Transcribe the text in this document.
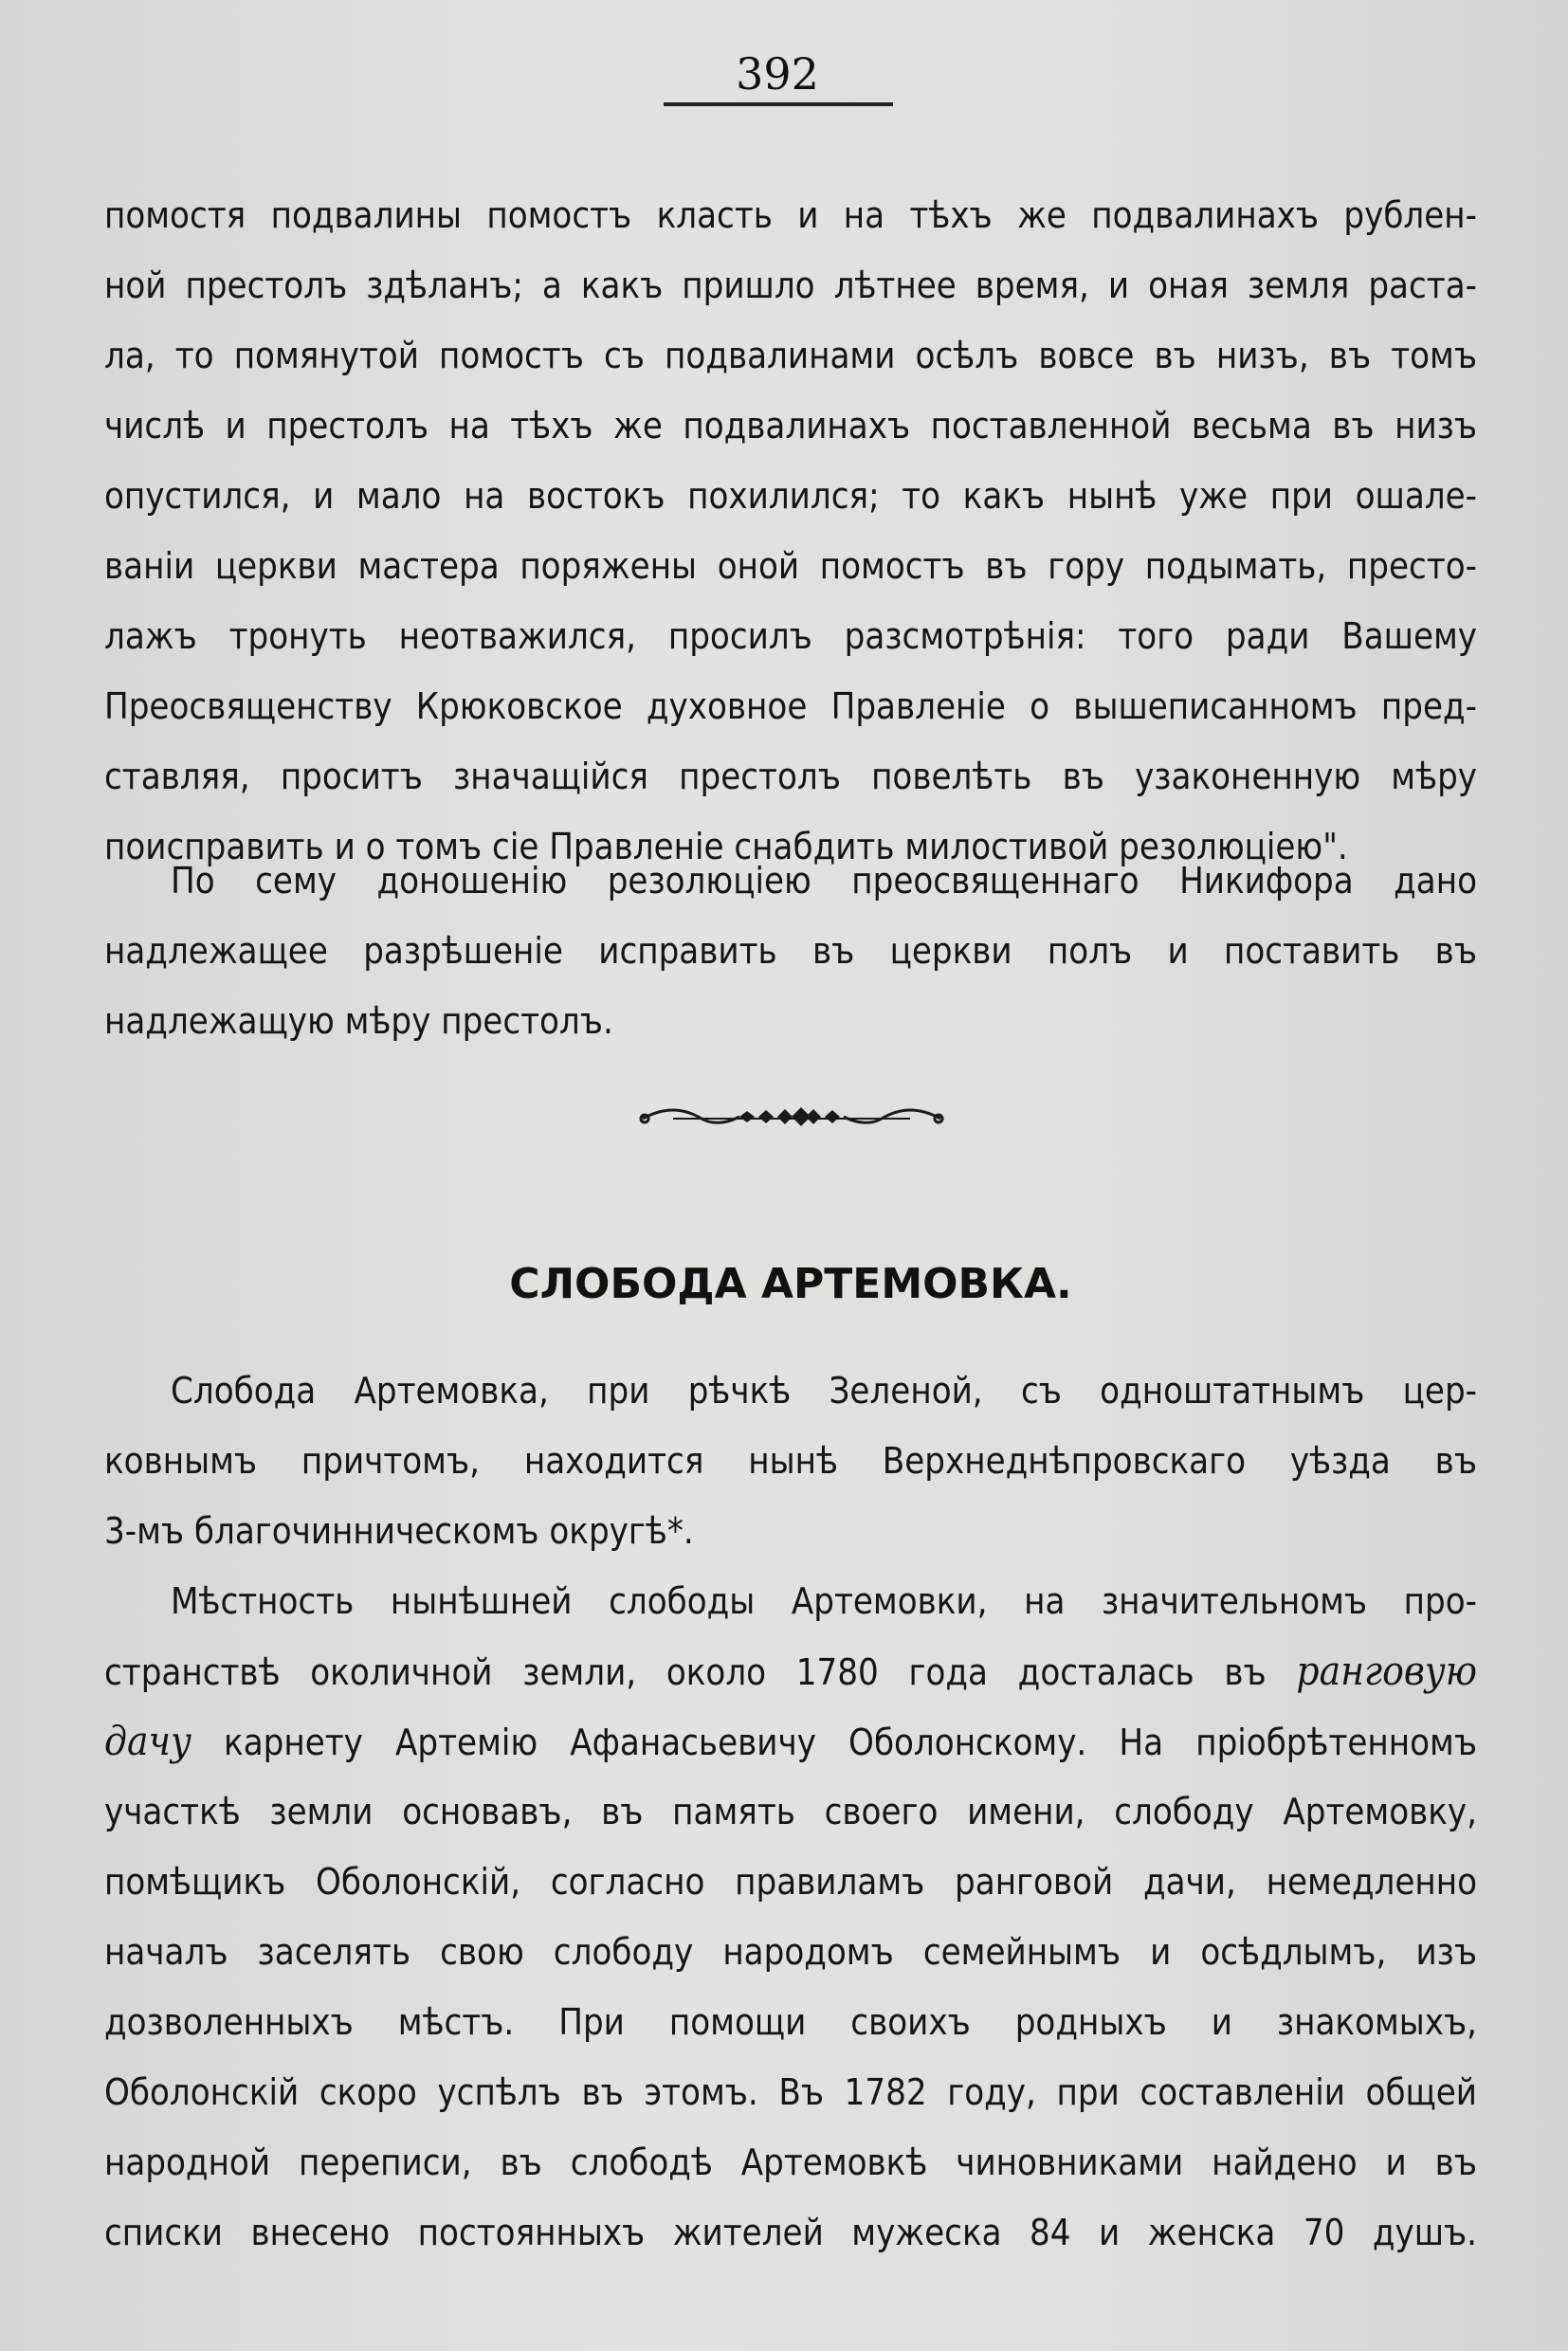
392
помостя подвалины помостъ класть и на тѣхъ же подвалинахъ рублен-
ной престолъ здѣланъ; а какъ пришло лѣтнее время, и оная земля раста-
ла, то помянутой помостъ съ подвалинами осѣлъ вовсе въ низъ, въ томъ
числѣ и престолъ на тѣхъ же подвалинахъ поставленной весьма въ низъ
опустился, и мало на востокъ похилился; то какъ нынѣ уже при ошале-
ваніи церкви мастера поряжены оной помостъ въ гору подымать, престо-
лажъ тронуть неотважился, просилъ разсмотрѣнія: того ради Вашему
Преосвященству Крюковское духовное Правленіе о вышеписанномъ пред-
ставляя, проситъ значащійся престолъ повелѣть въ узаконенную мѣру
поисправить и о томъ сіе Правленіе снабдить милостивой резолюціею".
По сему доношенію резолюціею преосвященнаго Никифора дано
надлежащее разрѣшеніе исправить въ церкви полъ и поставить въ
надлежащую мѣру престолъ.
СЛОБОДА АРТЕМОВКА.
Слобода Артемовка, при рѣчкѣ Зеленой, съ одноштатнымъ цер-
ковнымъ причтомъ, находится нынѣ Верхнеднѣпровскаго уѣзда въ
3-мъ благочинническомъ округѣ*.
Мѣстность нынѣшней слободы Артемовки, на значительномъ про-
странствѣ околичной земли, около 1780 года досталась въ ранговую
дачу карнету Артемію Афанасьевичу Оболонскому. На пріобрѣтенномъ
участкѣ земли основавъ, въ память своего имени, слободу Артемовку,
помѣщикъ Оболонскій, согласно правиламъ ранговой дачи, немедленно
началъ заселять свою слободу народомъ семейнымъ и осѣдлымъ, изъ
дозволенныхъ мѣстъ. При помощи своихъ родныхъ и знакомыхъ,
Оболонскій скоро успѣлъ въ этомъ. Въ 1782 году, при составленіи общей
народной переписи, въ слободѣ Артемовкѣ чиновниками найдено и въ
списки внесено постоянныхъ жителей мужеска 84 и женска 70 душъ.
